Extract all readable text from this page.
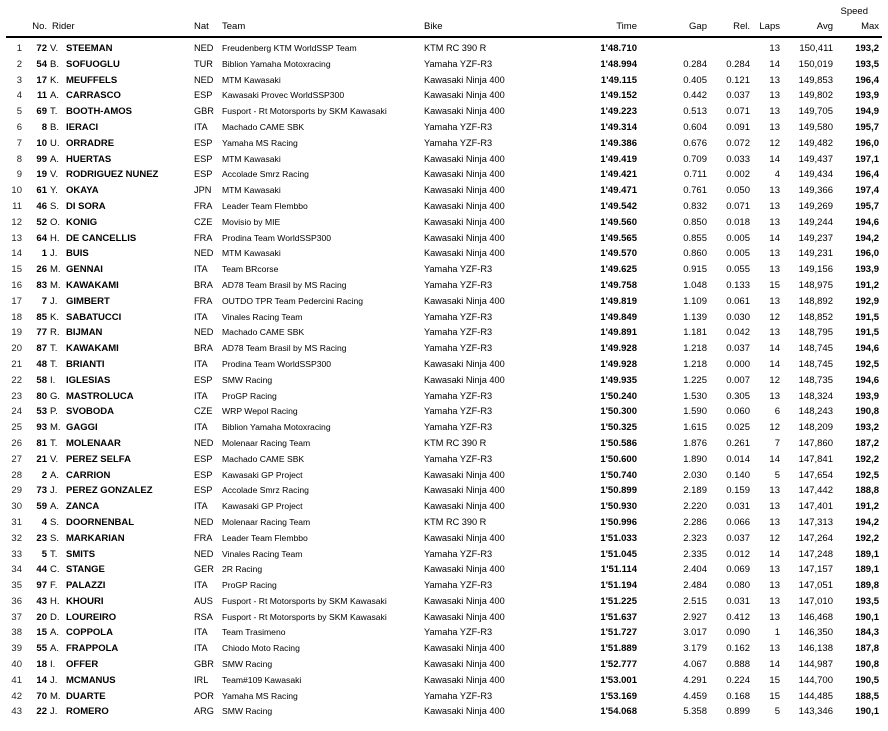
											Speed	
	No.	Rider		Nat	Team	Bike	Time	Gap	Rel.	Laps	Avg	Max
1	72	V.	STEEMAN	NED	Freudenberg KTM WorldSSP Team	KTM RC 390 R	1'48.710			13	150,411	193,2
2	54	B.	SOFUOGLU	TUR	Biblion Yamaha Motoxracing	Yamaha YZF-R3	1'48.994	0.284	0.284	14	150,019	193,5
3	17	K.	MEUFFELS	NED	MTM Kawasaki	Kawasaki Ninja 400	1'49.115	0.405	0.121	13	149,853	196,4
4	11	A.	CARRASCO	ESP	Kawasaki Provec WorldSSP300	Kawasaki Ninja 400	1'49.152	0.442	0.037	13	149,802	193,9
5	69	T.	BOOTH-AMOS	GBR	Fusport - Rt Motorsports by SKM Kawasaki	Kawasaki Ninja 400	1'49.223	0.513	0.071	13	149,705	194,9
6	8	B.	IERACI	ITA	Machado CAME SBK	Yamaha YZF-R3	1'49.314	0.604	0.091	13	149,580	195,7
7	10	U.	ORRADRE	ESP	Yamaha MS Racing	Yamaha YZF-R3	1'49.386	0.676	0.072	12	149,482	196,0
8	99	A.	HUERTAS	ESP	MTM Kawasaki	Kawasaki Ninja 400	1'49.419	0.709	0.033	14	149,437	197,1
9	19	V.	RODRIGUEZ NUNEZ	ESP	Accolade Smrz Racing	Kawasaki Ninja 400	1'49.421	0.711	0.002	4	149,434	196,4
10	61	Y.	OKAYA	JPN	MTM Kawasaki	Kawasaki Ninja 400	1'49.471	0.761	0.050	13	149,366	197,4
11	46	S.	DI SORA	FRA	Leader Team Flembbo	Kawasaki Ninja 400	1'49.542	0.832	0.071	13	149,269	195,7
12	52	O.	KONIG	CZE	Movisio by MIE	Kawasaki Ninja 400	1'49.560	0.850	0.018	13	149,244	194,6
13	64	H.	DE CANCELLIS	FRA	Prodina Team WorldSSP300	Kawasaki Ninja 400	1'49.565	0.855	0.005	14	149,237	194,2
14	1	J.	BUIS	NED	MTM Kawasaki	Kawasaki Ninja 400	1'49.570	0.860	0.005	13	149,231	196,0
15	26	M.	GENNAI	ITA	Team BRcorse	Yamaha YZF-R3	1'49.625	0.915	0.055	13	149,156	193,9
16	83	M.	KAWAKAMI	BRA	AD78 Team Brasil by MS Racing	Yamaha YZF-R3	1'49.758	1.048	0.133	15	148,975	191,2
17	7	J.	GIMBERT	FRA	OUTDO TPR Team Pedercini Racing	Kawasaki Ninja 400	1'49.819	1.109	0.061	13	148,892	192,9
18	85	K.	SABATUCCI	ITA	Vinales Racing Team	Yamaha YZF-R3	1'49.849	1.139	0.030	12	148,852	191,5
19	77	R.	BIJMAN	NED	Machado CAME SBK	Yamaha YZF-R3	1'49.891	1.181	0.042	13	148,795	191,5
20	87	T.	KAWAKAMI	BRA	AD78 Team Brasil by MS Racing	Yamaha YZF-R3	1'49.928	1.218	0.037	14	148,745	194,6
21	48	T.	BRIANTI	ITA	Prodina Team WorldSSP300	Kawasaki Ninja 400	1'49.928	1.218	0.000	14	148,745	192,5
22	58	I.	IGLESIAS	ESP	SMW Racing	Kawasaki Ninja 400	1'49.935	1.225	0.007	12	148,735	194,6
23	80	G.	MASTROLUCA	ITA	ProGP Racing	Yamaha YZF-R3	1'50.240	1.530	0.305	13	148,324	193,9
24	53	P.	SVOBODA	CZE	WRP Wepol Racing	Yamaha YZF-R3	1'50.300	1.590	0.060	6	148,243	190,8
25	93	M.	GAGGI	ITA	Biblion Yamaha Motoxracing	Yamaha YZF-R3	1'50.325	1.615	0.025	12	148,209	193,2
26	81	T.	MOLENAAR	NED	Molenaar Racing Team	KTM RC 390 R	1'50.586	1.876	0.261	7	147,860	187,2
27	21	V.	PEREZ SELFA	ESP	Machado CAME SBK	Yamaha YZF-R3	1'50.600	1.890	0.014	14	147,841	192,2
28	2	A.	CARRION	ESP	Kawasaki GP Project	Kawasaki Ninja 400	1'50.740	2.030	0.140	5	147,654	192,5
29	73	J.	PEREZ GONZALEZ	ESP	Accolade Smrz Racing	Kawasaki Ninja 400	1'50.899	2.189	0.159	13	147,442	188,8
30	59	A.	ZANCA	ITA	Kawasaki GP Project	Kawasaki Ninja 400	1'50.930	2.220	0.031	13	147,401	191,2
31	4	S.	DOORNENBAL	NED	Molenaar Racing Team	KTM RC 390 R	1'50.996	2.286	0.066	13	147,313	194,2
32	23	S.	MARKARIAN	FRA	Leader Team Flembbo	Kawasaki Ninja 400	1'51.033	2.323	0.037	12	147,264	192,2
33	5	T.	SMITS	NED	Vinales Racing Team	Yamaha YZF-R3	1'51.045	2.335	0.012	14	147,248	189,1
34	44	C.	STANGE	GER	2R Racing	Kawasaki Ninja 400	1'51.114	2.404	0.069	13	147,157	189,1
35	97	F.	PALAZZI	ITA	ProGP Racing	Yamaha YZF-R3	1'51.194	2.484	0.080	13	147,051	189,8
36	43	H.	KHOURI	AUS	Fusport - Rt Motorsports by SKM Kawasaki	Kawasaki Ninja 400	1'51.225	2.515	0.031	13	147,010	193,5
37	20	D.	LOUREIRO	RSA	Fusport - Rt Motorsports by SKM Kawasaki	Kawasaki Ninja 400	1'51.637	2.927	0.412	13	146,468	190,1
38	15	A.	COPPOLA	ITA	Team Trasimeno	Yamaha YZF-R3	1'51.727	3.017	0.090	1	146,350	184,3
39	55	A.	FRAPPOLA	ITA	Chiodo Moto Racing	Kawasaki Ninja 400	1'51.889	3.179	0.162	13	146,138	187,8
40	18	I.	OFFER	GBR	SMW Racing	Kawasaki Ninja 400	1'52.777	4.067	0.888	14	144,987	190,8
41	14	J.	MCMANUS	IRL	Team#109 Kawasaki	Kawasaki Ninja 400	1'53.001	4.291	0.224	15	144,700	190,5
42	70	M.	DUARTE	POR	Yamaha MS Racing	Yamaha YZF-R3	1'53.169	4.459	0.168	15	144,485	188,5
43	22	J.	ROMERO	ARG	SMW Racing	Kawasaki Ninja 400	1'54.068	5.358	0.899	5	143,346	190,1
